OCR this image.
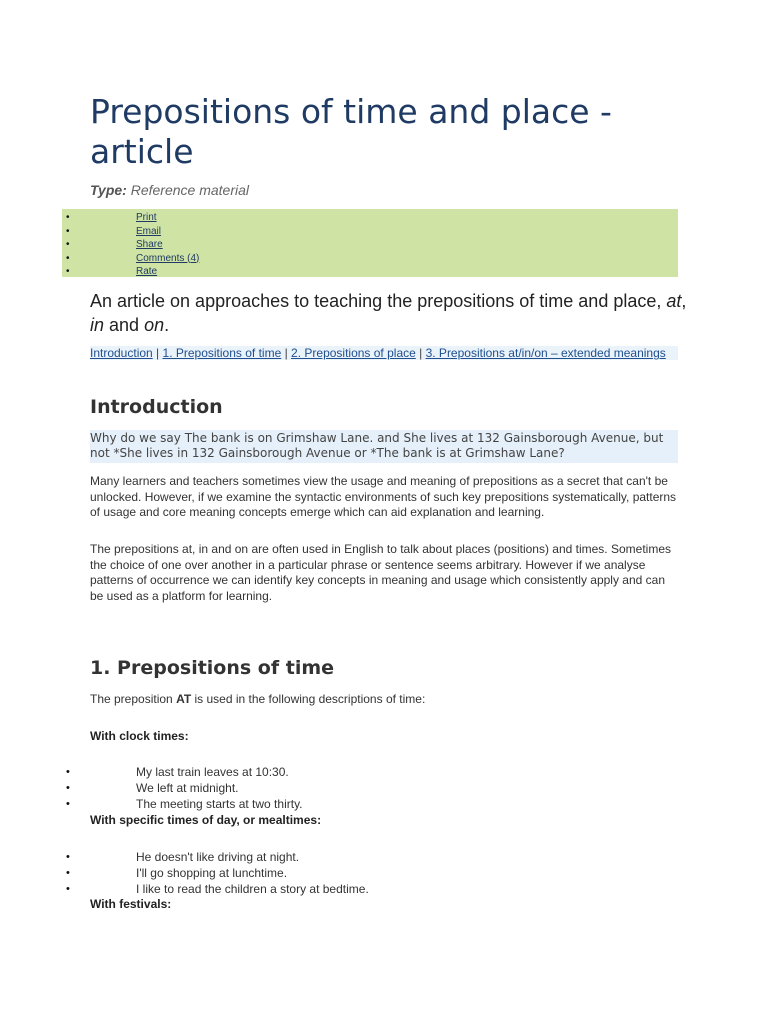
Prepositions of time and place - article
Type: Reference material
•	Print
•	Email
•	Share
•	Comments (4)
•	Rate
An article on approaches to teaching the prepositions of time and place, at, in and on.
Introduction | 1. Prepositions of time | 2. Prepositions of place | 3. Prepositions at/in/on – extended meanings
Introduction
Why do we say The bank is on Grimshaw Lane. and She lives at 132 Gainsborough Avenue, but not *She lives in 132 Gainsborough Avenue or *The bank is at Grimshaw Lane?

Many learners and teachers sometimes view the usage and meaning of prepositions as a secret that can't be unlocked. However, if we examine the syntactic environments of such key prepositions systematically, patterns of usage and core meaning concepts emerge which can aid explanation and learning.

The prepositions at, in and on are often used in English to talk about places (positions) and times. Sometimes the choice of one over another in a particular phrase or sentence seems arbitrary. However if we analyse patterns of occurrence we can identify key concepts in meaning and usage which consistently apply and can be used as a platform for learning.

1. Prepositions of time

The preposition AT is used in the following descriptions of time:

With clock times:
•	My last train leaves at 10:30.
•	We left at midnight.
•	The meeting starts at two thirty.
With specific times of day, or mealtimes:
•	He doesn't like driving at night.
•	I'll go shopping at lunchtime.
•	I like to read the children a story at bedtime.
With festivals:
